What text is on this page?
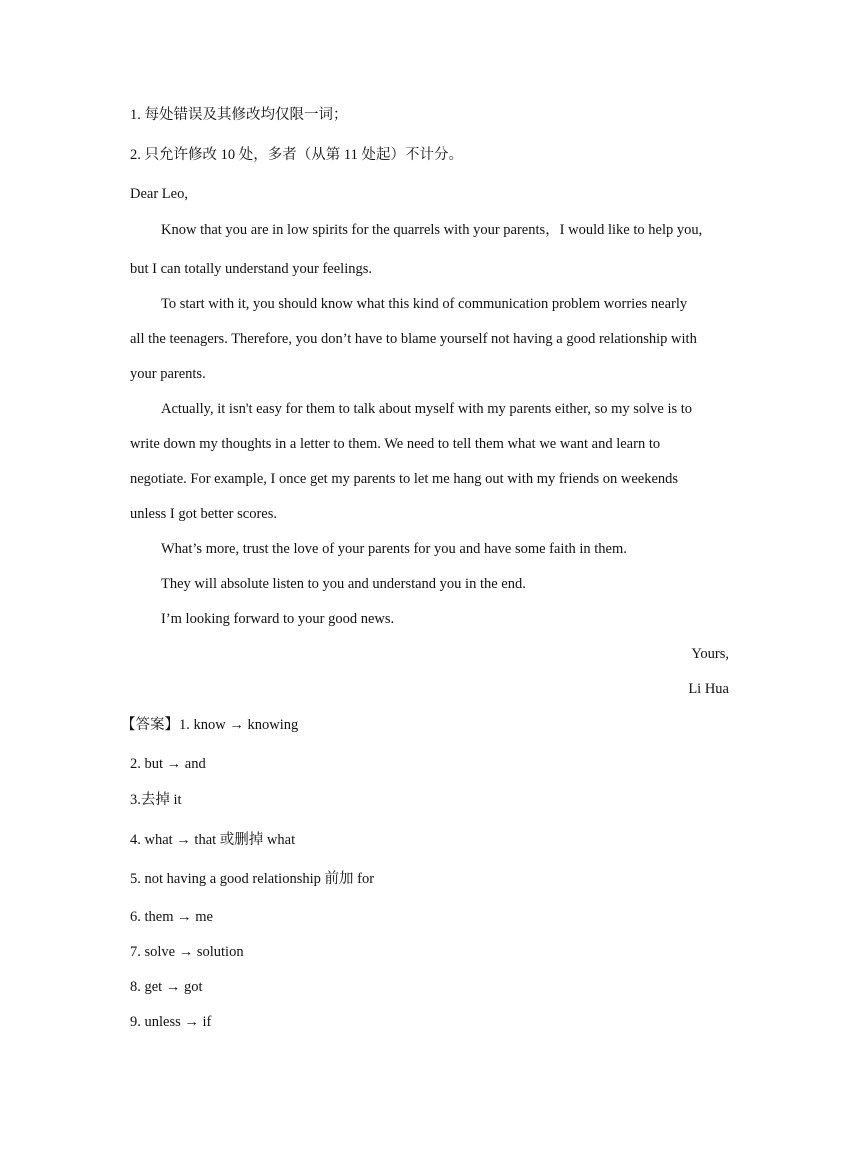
1. 每处错误及其修改均仅限一词；
2. 只允许修改 10 处，多者（从第 11 处起）不计分。
Dear Leo,
Know that you are in low spirits for the quarrels with your parents，I would like to help you,
but I can totally understand your feelings.
To start with it, you should know what this kind of communication problem worries nearly
all the teenagers. Therefore, you don’t have to blame yourself not having a good relationship with
your parents.
Actually, it isn't easy for them to talk about myself with my parents either, so my solve is to
write down my thoughts in a letter to them. We need to tell them what we want and learn to
negotiate. For example, I once get my parents to let me hang out with my friends on weekends
unless I got better scores.
What’s more, trust the love of your parents for you and have some faith in them.
They will absolute listen to you and understand you in the end.
I’m looking forward to your good news.
Yours,
Li Hua
【答案】1. know → knowing
2. but → and
3.去掉 it
4. what → that 或删掉 what
5. not having a good relationship 前加 for
6. them → me
7. solve → solution
8. get → got
9. unless → if
